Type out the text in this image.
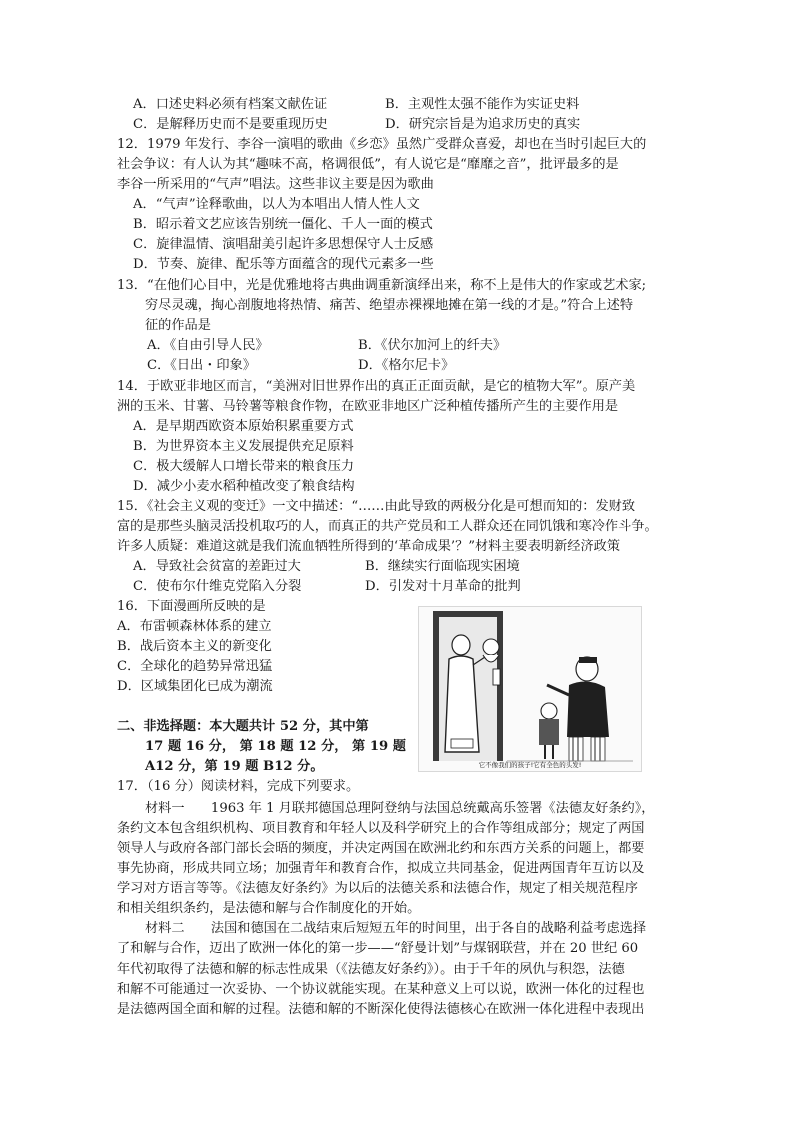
A．口述史料必须有档案文献佐证	B．主观性太强不能作为实证史料
C．是解释历史而不是要重现历史	D．研究宗旨是为追求历史的真实
12．1979 年发行、李谷一演唱的歌曲《乡恋》虽然广受群众喜爱，却也在当时引起巨大的
社会争议：有人认为其“趣味不高，格调很低”，有人说它是“靡靡之音”，批评最多的是
李谷一所采用的“气声”唱法。这些非议主要是因为歌曲
A．“气声”诠释歌曲，以人为本唱出人情人性人文
B．昭示着文艺应该告别统一僵化、千人一面的模式
C．旋律温情、演唱甜美引起许多思想保守人士反感
D．节奏、旋律、配乐等方面蕴含的现代元素多一些
13．“在他们心目中，光是优雅地将古典曲调重新演绎出来，称不上是伟大的作家或艺术家;
穷尽灵魂，掏心剖腹地将热情、痛苦、绝望赤裸裸地摊在第一线的才是。”符合上述特
征的作品是
A．《自由引导人民》	B．《伏尔加河上的纤夫》
C．《日出・印象》	D．《格尔尼卡》
14．于欧亚非地区而言，“美洲对旧世界作出的真正正面贡献，是它的植物大军”。原产美
洲的玉米、甘薯、马铃薯等粮食作物，在欧亚非地区广泛种植传播所产生的主要作用是
A．是早期西欧资本原始积累重要方式
B．为世界资本主义发展提供充足原料
C．极大缓解人口增长带来的粮食压力
D．减少小麦水稻种植改变了粮食结构
15．《社会主义观的变迁》一文中描述：“……由此导致的两极分化是可想而知的：发财致
富的是那些头脑灵活投机取巧的人，而真正的共产党员和工人群众还在同饥饿和寒冷作斗争。
许多人质疑：难道这就是我们流血牺牲所得到的‘革命成果’？”材料主要表明新经济政策
A．导致社会贫富的差距过大	B．继续实行面临现实困境
C．使布尔什维克党陷入分裂	D．引发对十月革命的批判
16．下面漫画所反映的是
A．布雷顿森林体系的建立
B．战后资本主义的新变化
C．全球化的趋势异常迅猛
D．区域集团化已成为潮流
它不像我们的孩子!它有全色的头发!
二、非选择题：本大题共计 52 分，其中第
17 题 16 分， 第 18 题 12 分， 第 19 题
A12 分，第 19 题 B12 分。
17．（16 分）阅读材料，完成下列要求。
材料一　　1963 年 1 月联邦德国总理阿登纳与法国总统戴高乐签署《法德友好条约》，
条约文本包含组织机构、项目教育和年轻人以及科学研究上的合作等组成部分；规定了两国
领导人与政府各部门部长会晤的频度，并决定两国在欧洲北约和东西方关系的问题上，都要
事先协商，形成共同立场；加强青年和教育合作，拟成立共同基金，促进两国青年互访以及
学习对方语言等等。《法德友好条约》为以后的法德关系和法德合作，规定了相关规范程序
和相关组织条约，是法德和解与合作制度化的开始。
材料二　　法国和德国在二战结束后短短五年的时间里，出于各自的战略利益考虑选择
了和解与合作，迈出了欧洲一体化的第一步——“舒曼计划”与煤钢联营，并在 20 世纪 60
年代初取得了法德和解的标志性成果（《法德友好条约》）。由于千年的夙仇与积怨，法德
和解不可能通过一次妥协、一个协议就能实现。在某种意义上可以说，欧洲一体化的过程也
是法德两国全面和解的过程。法德和解的不断深化使得法德核心在欧洲一体化进程中表现出
